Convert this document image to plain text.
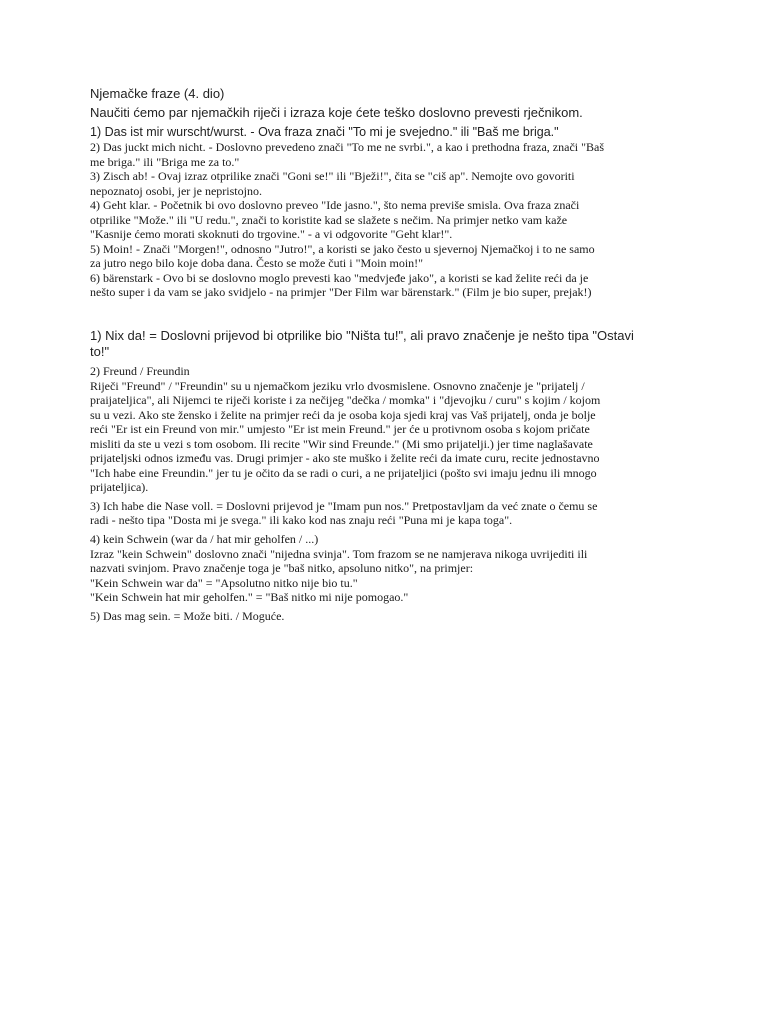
Njemačke fraze (4. dio)
Naučiti ćemo par njemačkih riječi i izraza koje ćete teško doslovno prevesti rječnikom.
1) Das ist mir wurscht/wurst. - Ova fraza znači "To mi je svejedno." ili "Baš me briga."
2) Das juckt mich nicht. - Doslovno prevedeno znači "To me ne svrbi.", a kao i prethodna fraza, znači "Baš
me briga." ili "Briga me za to."
3) Zisch ab! - Ovaj izraz otprilike znači "Goni se!" ili "Bježi!", čita se "ciš ap". Nemojte ovo govoriti
nepoznatoj osobi, jer je nepristojno.
4) Geht klar. - Početnik bi ovo doslovno preveo "Ide jasno.", što nema previše smisla. Ova fraza znači
otprilike "Može." ili "U redu.", znači to koristite kad se slažete s nečim. Na primjer netko vam kaže
"Kasnije ćemo morati skoknuti do trgovine." - a vi odgovorite "Geht klar!".
5) Moin! - Znači "Morgen!", odnosno "Jutro!", a koristi se jako često u sjevernoj Njemačkoj i to ne samo
za jutro nego bilo koje doba dana. Često se može čuti i "Moin moin!"
6) bärenstark - Ovo bi se doslovno moglo prevesti kao "medvjeđe jako", a koristi se kad želite reći da je
nešto super i da vam se jako svidjelo - na primjer "Der Film war bärenstark." (Film je bio super, prejak!)
1) Nix da! = Doslovni prijevod bi otprilike bio "Ništa tu!", ali pravo značenje je nešto tipa "Ostavi
to!"
2) Freund / Freundin
Riječi "Freund" / "Freundin" su u njemačkom jeziku vrlo dvosmislene. Osnovno značenje je "prijatelj /
praijateljica", ali Nijemci te riječi koriste i za nečijeg "dečka / momka" i "djevojku / curu" s kojim / kojom
su u vezi. Ako ste žensko i želite na primjer reći da je osoba koja sjedi kraj vas Vaš prijatelj, onda je bolje
reći "Er ist ein Freund von mir." umjesto "Er ist mein Freund." jer će u protivnom osoba s kojom pričate
misliti da ste u vezi s tom osobom. Ili recite "Wir sind Freunde." (Mi smo prijatelji.) jer time naglašavate
prijateljski odnos između vas. Drugi primjer - ako ste muško i želite reći da imate curu, recite jednostavno
"Ich habe eine Freundin." jer tu je očito da se radi o curi, a ne prijateljici (pošto svi imaju jednu ili mnogo
prijateljica).
3) Ich habe die Nase voll. = Doslovni prijevod je "Imam pun nos." Pretpostavljam da već znate o čemu se
radi - nešto tipa "Dosta mi je svega." ili kako kod nas znaju reći "Puna mi je kapa toga".
4) kein Schwein (war da / hat mir geholfen / ...)
Izraz "kein Schwein" doslovno znači "nijedna svinja". Tom frazom se ne namjerava nikoga uvrijediti ili
nazvati svinjom. Pravo značenje toga je "baš nitko, apsoluno nitko", na primjer:
"Kein Schwein war da" = "Apsolutno nitko nije bio tu."
"Kein Schwein hat mir geholfen." = "Baš nitko mi nije pomogao."
5) Das mag sein. = Može biti. / Moguće.
